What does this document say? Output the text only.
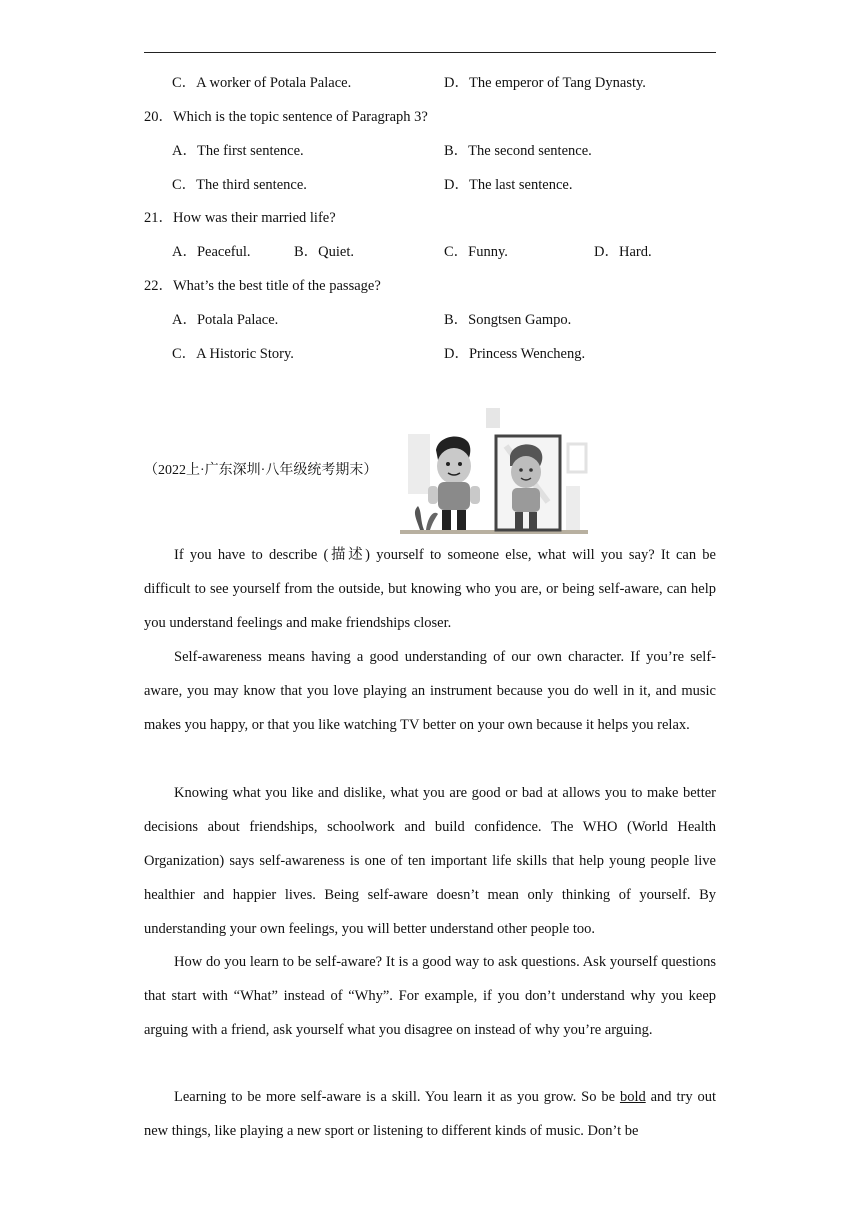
C．A worker of Potala Palace.	D．The emperor of Tang Dynasty.
20．Which is the topic sentence of Paragraph 3?
A．The first sentence.	B．The second sentence.
C．The third sentence.	D．The last sentence.
21．How was their married life?
A．Peaceful.	B．Quiet.	C．Funny.	D．Hard.
22．What’s the best title of the passage?
A．Potala Palace.	B．Songtsen Gampo.
C．A Historic Story.	D．Princess Wencheng.
（2022上·广东深圳·八年级统考期末）
If you have to describe (描述) yourself to someone else, what will you say? It can be difficult to see yourself from the outside, but knowing who you are, or being self-aware, can help you understand feelings and make friendships closer.
Self-awareness means having a good understanding of our own character. If you’re self-aware, you may know that you love playing an instrument because you do well in it, and music makes you happy, or that you like watching TV better on your own because it helps you relax.
Knowing what you like and dislike, what you are good or bad at allows you to make better decisions about friendships, schoolwork and build confidence. The WHO (World Health Organization) says self-awareness is one of ten important life skills that help young people live healthier and happier lives. Being self-aware doesn’t mean only thinking of yourself. By understanding your own feelings, you will better understand other people too.
How do you learn to be self-aware? It is a good way to ask questions. Ask yourself questions that start with “What” instead of “Why”. For example, if you don’t understand why you keep arguing with a friend, ask yourself what you disagree on instead of why you’re arguing.
Learning to be more self-aware is a skill. You learn it as you grow. So be bold and try out new things, like playing a new sport or listening to different kinds of music. Don’t be
